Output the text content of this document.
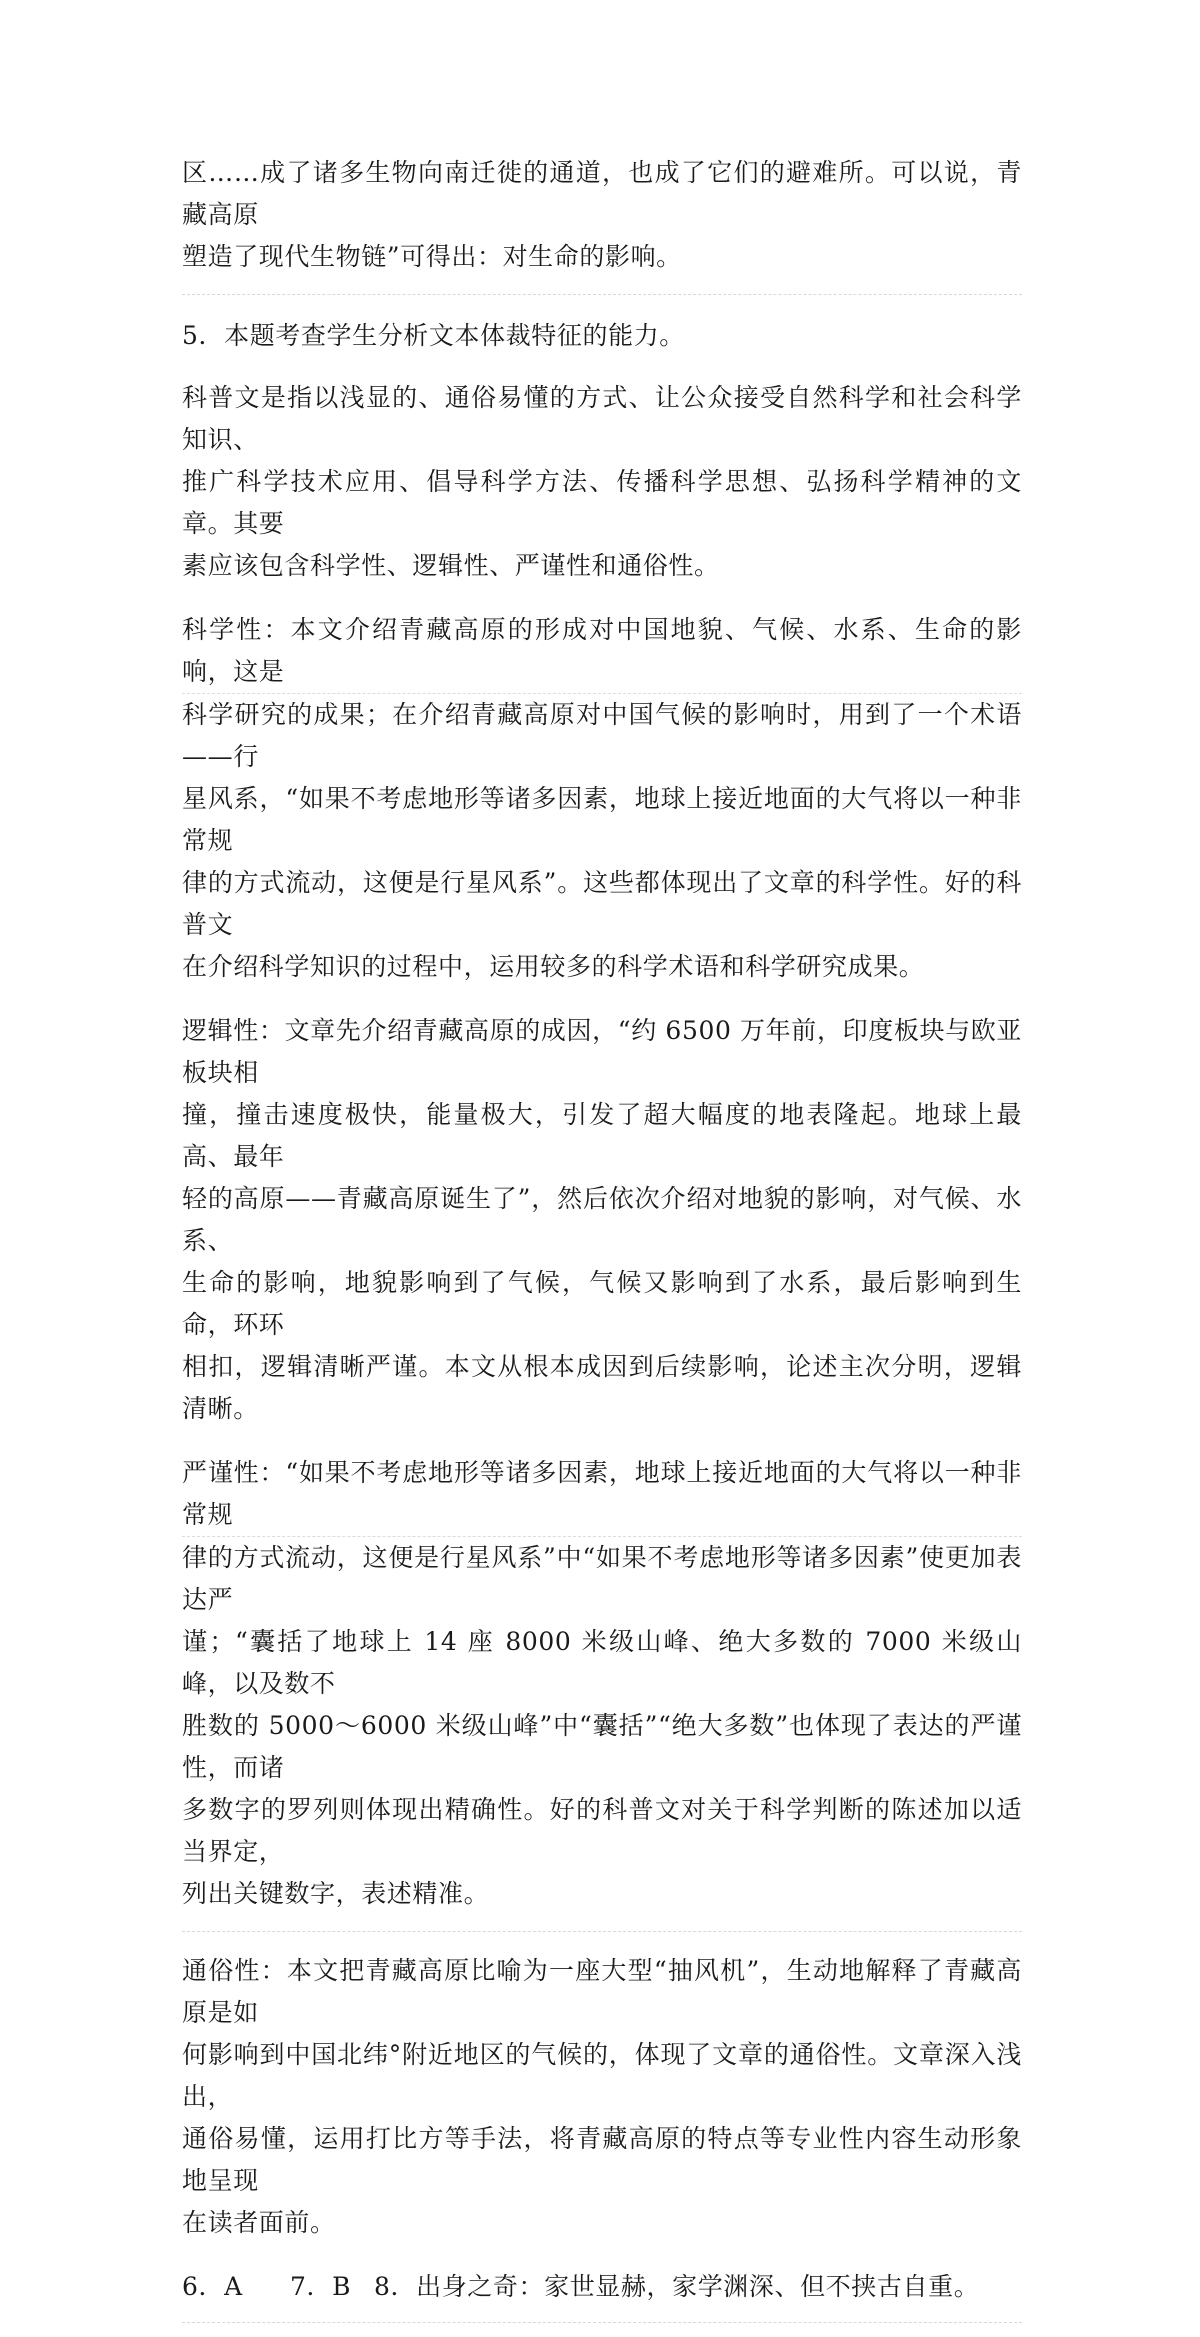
区……成了诸多生物向南迁徙的通道，也成了它们的避难所。可以说，青藏高原
塑造了现代生物链”可得出：对生命的影响。
5．本题考查学生分析文本体裁特征的能力。
科普文是指以浅显的、通俗易懂的方式、让公众接受自然科学和社会科学知识、
推广科学技术应用、倡导科学方法、传播科学思想、弘扬科学精神的文章。其要
素应该包含科学性、逻辑性、严谨性和通俗性。
科学性：本文介绍青藏高原的形成对中国地貌、气候、水系、生命的影响，这是
科学研究的成果；在介绍青藏高原对中国气候的影响时，用到了一个术语——行
星风系，“如果不考虑地形等诸多因素，地球上接近地面的大气将以一种非常规
律的方式流动，这便是行星风系”。这些都体现出了文章的科学性。好的科普文
在介绍科学知识的过程中，运用较多的科学术语和科学研究成果。
逻辑性：文章先介绍青藏高原的成因，“约 6500 万年前，印度板块与欧亚板块相
撞，撞击速度极快，能量极大，引发了超大幅度的地表隆起。地球上最高、最年
轻的高原——青藏高原诞生了”，然后依次介绍对地貌的影响，对气候、水系、
生命的影响，地貌影响到了气候，气候又影响到了水系，最后影响到生命，环环
相扣，逻辑清晰严谨。本文从根本成因到后续影响，论述主次分明，逻辑清晰。
严谨性：“如果不考虑地形等诸多因素，地球上接近地面的大气将以一种非常规
律的方式流动，这便是行星风系”中“如果不考虑地形等诸多因素”使更加表达严
谨；“囊括了地球上 14 座 8000 米级山峰、绝大多数的 7000 米级山峰，以及数不
胜数的 5000～6000 米级山峰”中“囊括”“绝大多数”也体现了表达的严谨性，而诸
多数字的罗列则体现出精确性。好的科普文对关于科学判断的陈述加以适当界定，
列出关键数字，表述精准。
通俗性：本文把青藏高原比喻为一座大型“抽风机”，生动地解释了青藏高原是如
何影响到中国北纬°附近地区的气候的，体现了文章的通俗性。文章深入浅出，
通俗易懂，运用打比方等手法，将青藏高原的特点等专业性内容生动形象地呈现
在读者面前。
6．A	7．B 8．出身之奇：家世显赫，家学渊深、但不挟古自重。
